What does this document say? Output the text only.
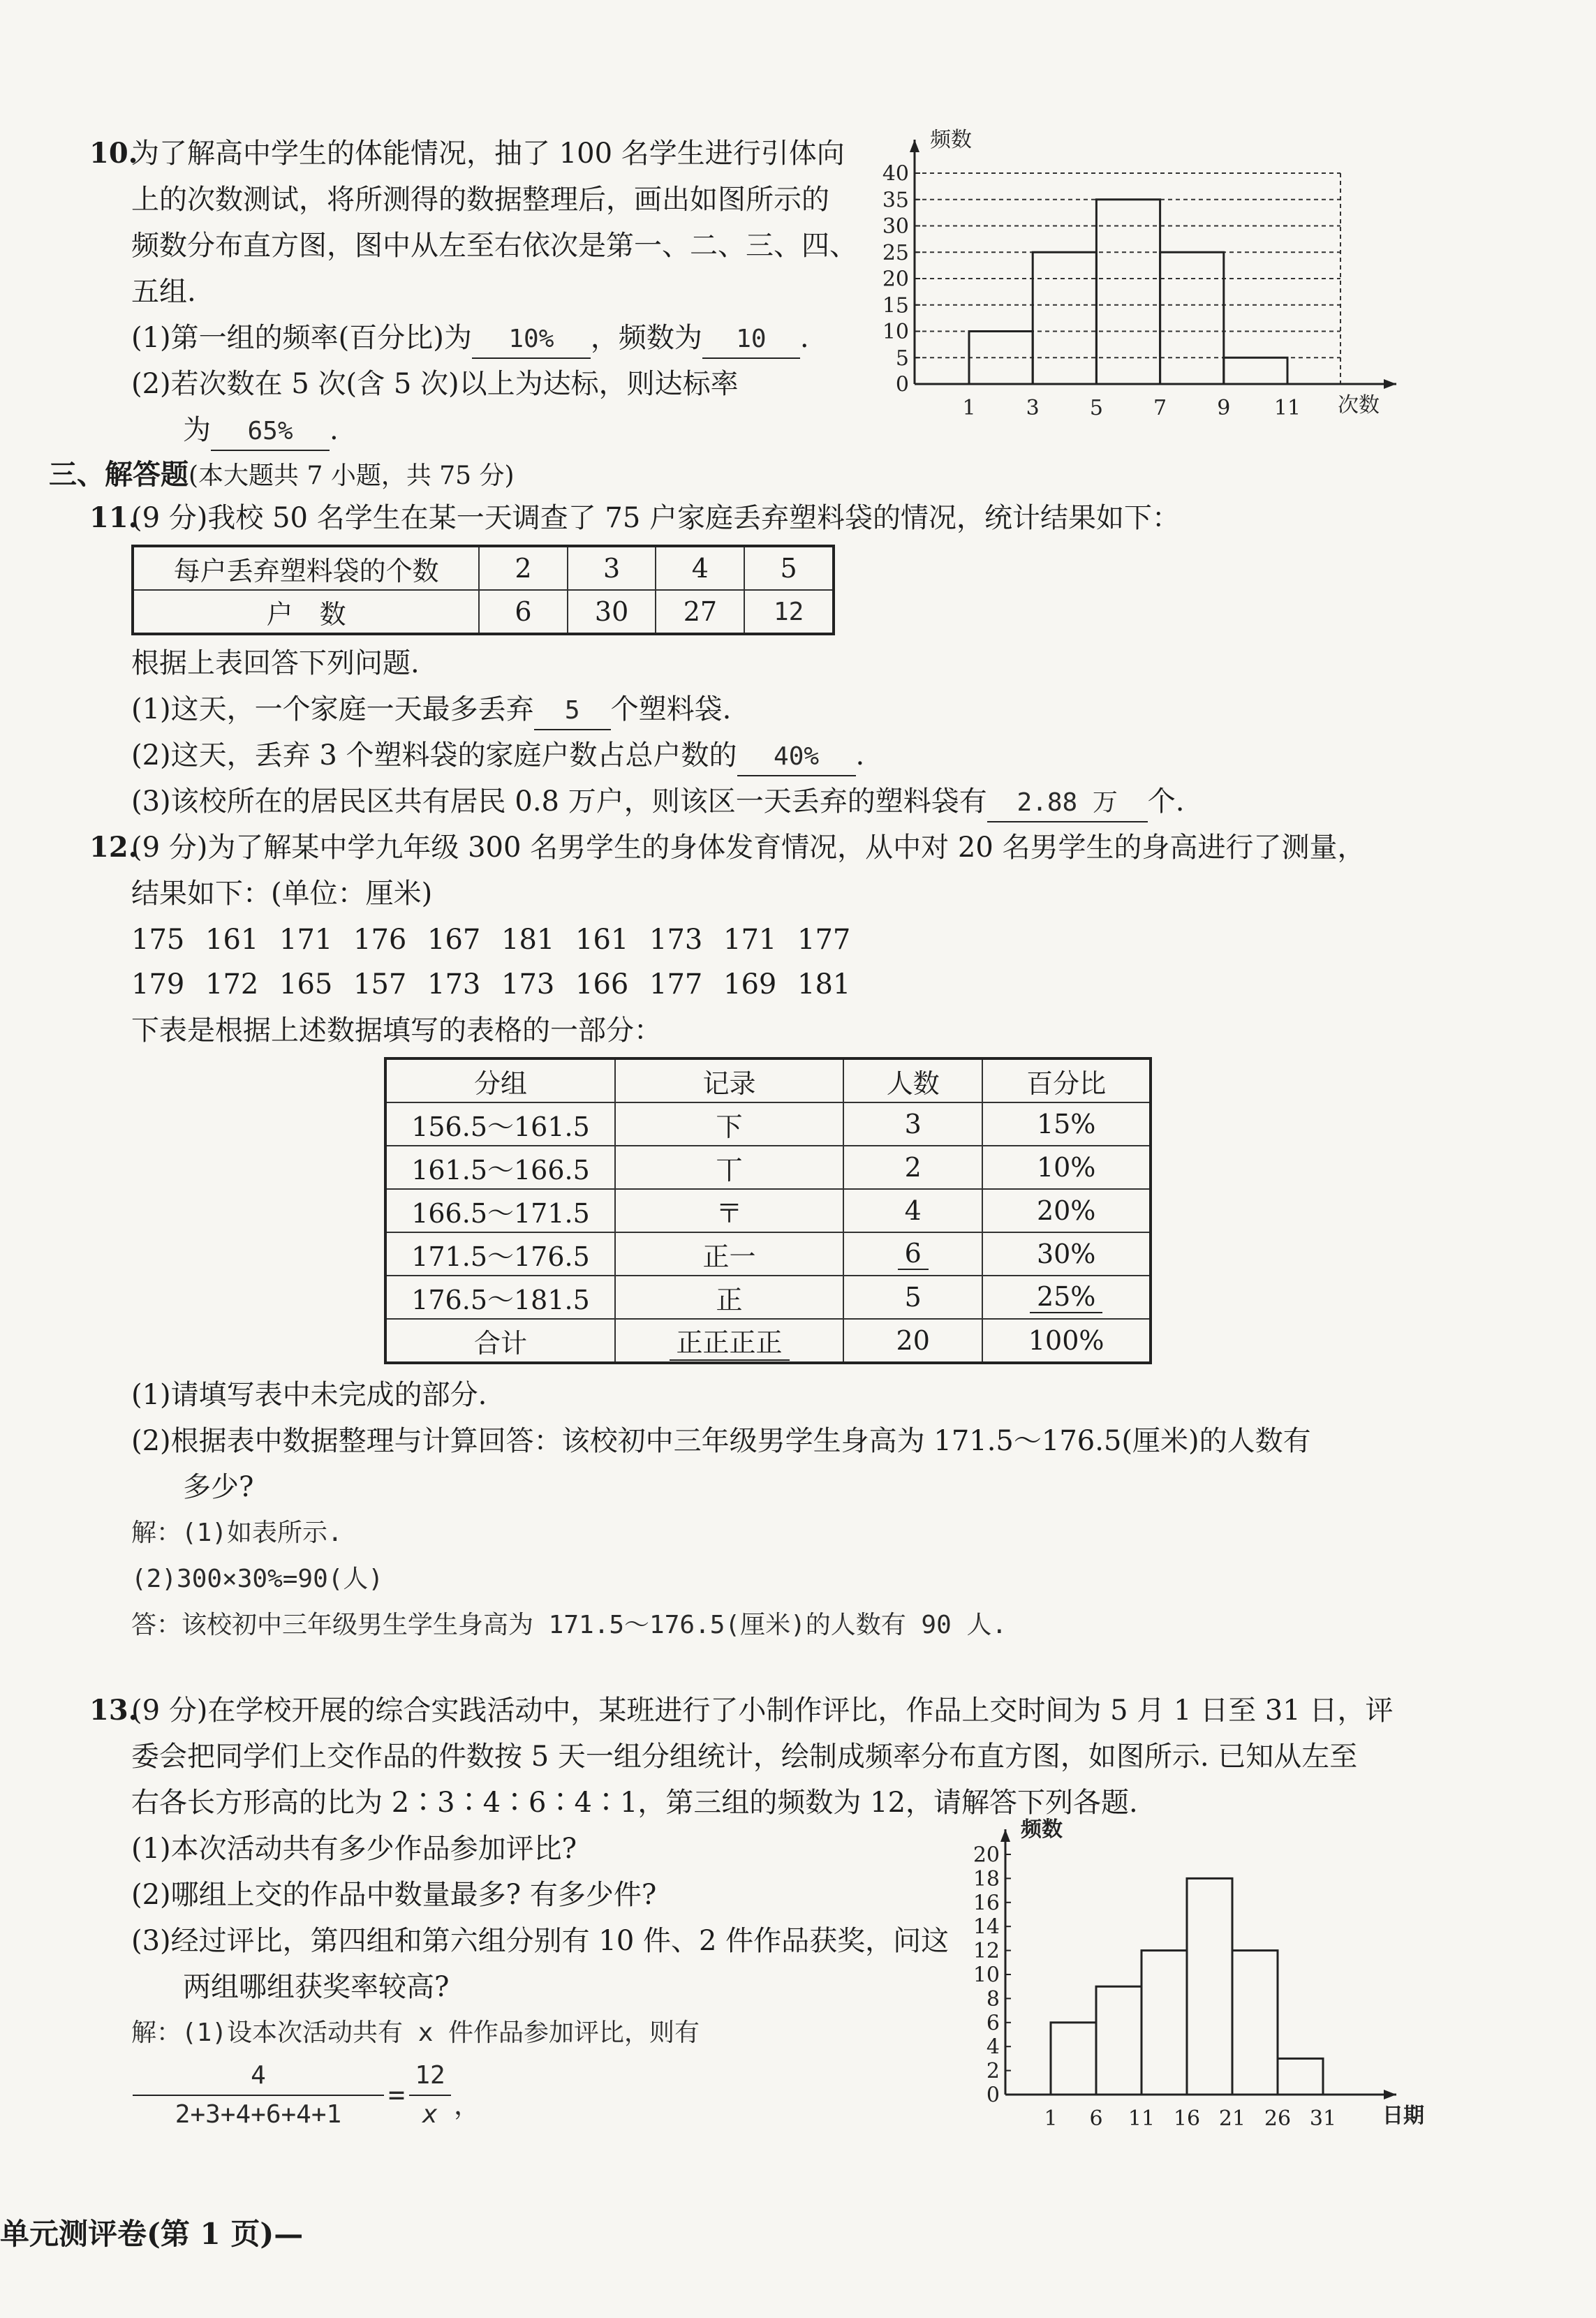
10.
为了解高中学生的体能情况，抽了 100 名学生进行引体向
上的次数测试，将所测得的数据整理后，画出如图所示的
频数分布直方图，图中从左至右依次是第一、二、三、四、
五组.
(1)第一组的频率(百分比)为 10% ，频数为 10 .
(2)若次数在 5 次(含 5 次)以上为达标，则达标率
为 65% .
0
5
10
15
20
25
30
35
40
1 3 5 7 9 11
频数
次数
三、解答题(本大题共 7 小题，共 75 分)
11.
(9 分)我校 50 名学生在某一天调查了 75 户家庭丢弃塑料袋的情况，统计结果如下：
每户丢弃塑料袋的个数	2	3	4	5
户　数	6	30	27	12
根据上表回答下列问题.
(1)这天，一个家庭一天最多丢弃 5 个塑料袋.
(2)这天，丢弃 3 个塑料袋的家庭户数占总户数的 40% .
(3)该校所在的居民区共有居民 0.8 万户，则该区一天丢弃的塑料袋有 2.88 万 个.
12.
(9 分)为了解某中学九年级 300 名男学生的身体发育情况，从中对 20 名男学生的身高进行了测量，
结果如下：(单位：厘米)
175 161 171 176 167 181 161 173 171 177
179 172 165 157 173 173 166 177 169 181
下表是根据上述数据填写的表格的一部分：
分组	记录	人数	百分比
156.5～161.5	下	3	15%
161.5～166.5	丅	2	10%
166.5～171.5	〒	4	20%
171.5～176.5	正一	6	30%
176.5～181.5	正	5	25%
合计	正正正正	20	100%
(1)请填写表中未完成的部分.
(2)根据表中数据整理与计算回答：该校初中三年级男学生身高为 171.5～176.5(厘米)的人数有
多少?
解：(1)如表所示.
(2)300×30%=90(人)
答：该校初中三年级男生学生身高为 171.5～176.5(厘米)的人数有 90 人.
13.
(9 分)在学校开展的综合实践活动中，某班进行了小制作评比，作品上交时间为 5 月 1 日至 31 日，评
委会把同学们上交作品的件数按 5 天一组分组统计，绘制成频率分布直方图，如图所示. 已知从左至
右各长方形高的比为 2∶3∶4∶6∶4∶1，第三组的频数为 12，请解答下列各题.
(1)本次活动共有多少作品参加评比?
(2)哪组上交的作品中数量最多? 有多少件?
(3)经过评比，第四组和第六组分别有 10 件、2 件作品获奖，问这
两组哪组获奖率较高?
解：(1)设本次活动共有 x 件作品参加评比，则有
4
2+3+4+6+4+1
=
12
x ，	0
2
4
6
8
10
12
14
16
18
20
1 6 11 16 21 26 31
频数
日期
单元测评卷(第 1 页)—
